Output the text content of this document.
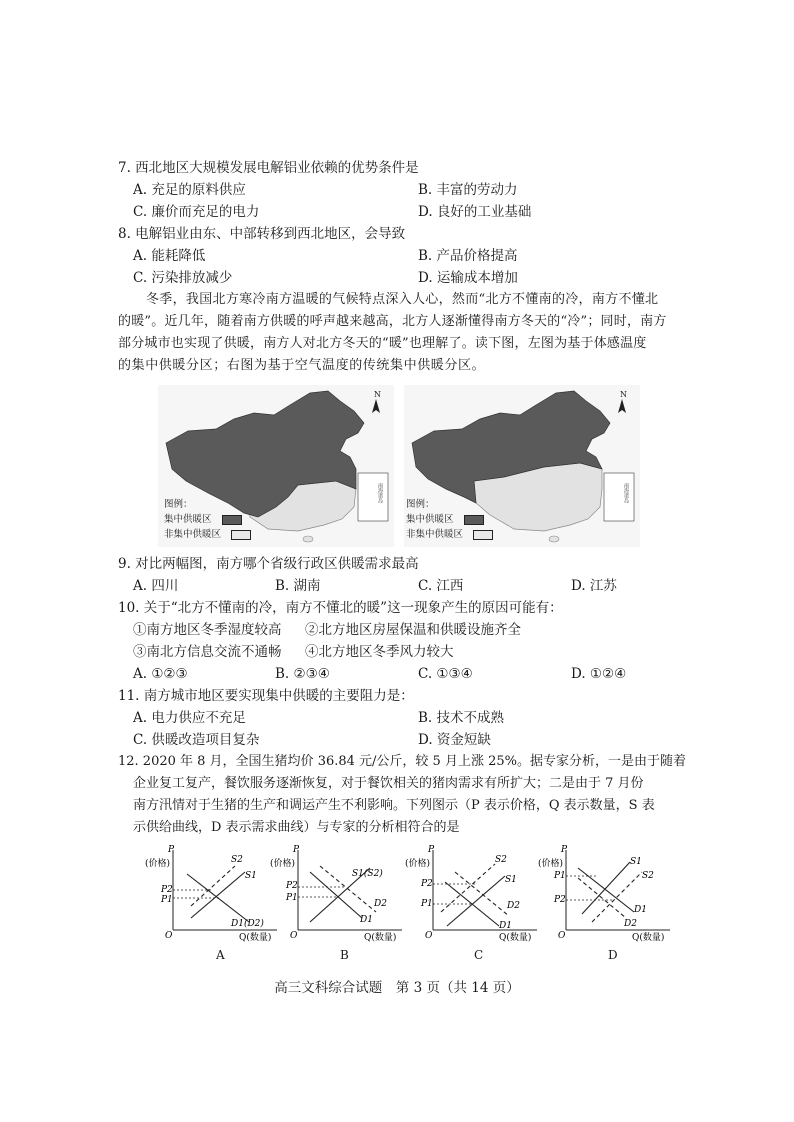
7. 西北地区大规模发展电解铝业依赖的优势条件是
A. 充足的原料供应	B. 丰富的劳动力
C. 廉价而充足的电力	D. 良好的工业基础
8. 电解铝业由东、中部转移到西北地区，会导致
A. 能耗降低	B. 产品价格提高
C. 污染排放减少	D. 运输成本增加
冬季，我国北方寒冷南方温暖的气候特点深入人心，然而“北方不懂南的冷，南方不懂北
的暖”。近几年，随着南方供暖的呼声越来越高，北方人逐渐懂得南方冬天的“冷”；同时，南方
部分城市也实现了供暖，南方人对北方冬天的“暖”也理解了。读下图，左图为基于体感温度
的集中供暖分区；右图为基于空气温度的传统集中供暖分区。
N
南海诸岛
图例：
集中供暖区
非集中供暖区
N
南海诸岛
图例：
集中供暖区
非集中供暖区
9. 对比两幅图，南方哪个省级行政区供暖需求最高
A. 四川	B. 湖南	C. 江西	D. 江苏
10. 关于“北方不懂南的冷，南方不懂北的暖”这一现象产生的原因可能有：
①南方地区冬季湿度较高 ②北方地区房屋保温和供暖设施齐全
③南北方信息交流不通畅 ④北方地区冬季风力较大
A. ①②③	B. ②③④	C. ①③④	D. ①②④
11. 南方城市地区要实现集中供暖的主要阻力是：
A. 电力供应不充足	B. 技术不成熟
C. 供暖改造项目复杂	D. 资金短缺
12. 2020 年 8 月，全国生猪均价 36.84 元/公斤，较 5 月上涨 25%。据专家分析，一是由于随着
企业复工复产，餐饮服务逐渐恢复，对于餐饮相关的猪肉需求有所扩大；二是由于 7 月份
南方汛情对于生猪的生产和调运产生不利影响。下列图示（P 表示价格，Q 表示数量，S 表
示供给曲线，D 表示需求曲线）与专家的分析相符合的是
P
(价格)
O	Q(数量)
P2
P1
S2
S1
D1(D2)
A
P
(价格)
O	Q(数量)
P2
P1
S1(S2)
D2
D1
B
P
(价格)
O	Q(数量)
P2
P1
S2
S1
D2
D1
C
P
(价格)
O	Q(数量)
P1
P2
S1
S2
D1
D2
D
高三文科综合试题　第 3 页（共 14 页）
